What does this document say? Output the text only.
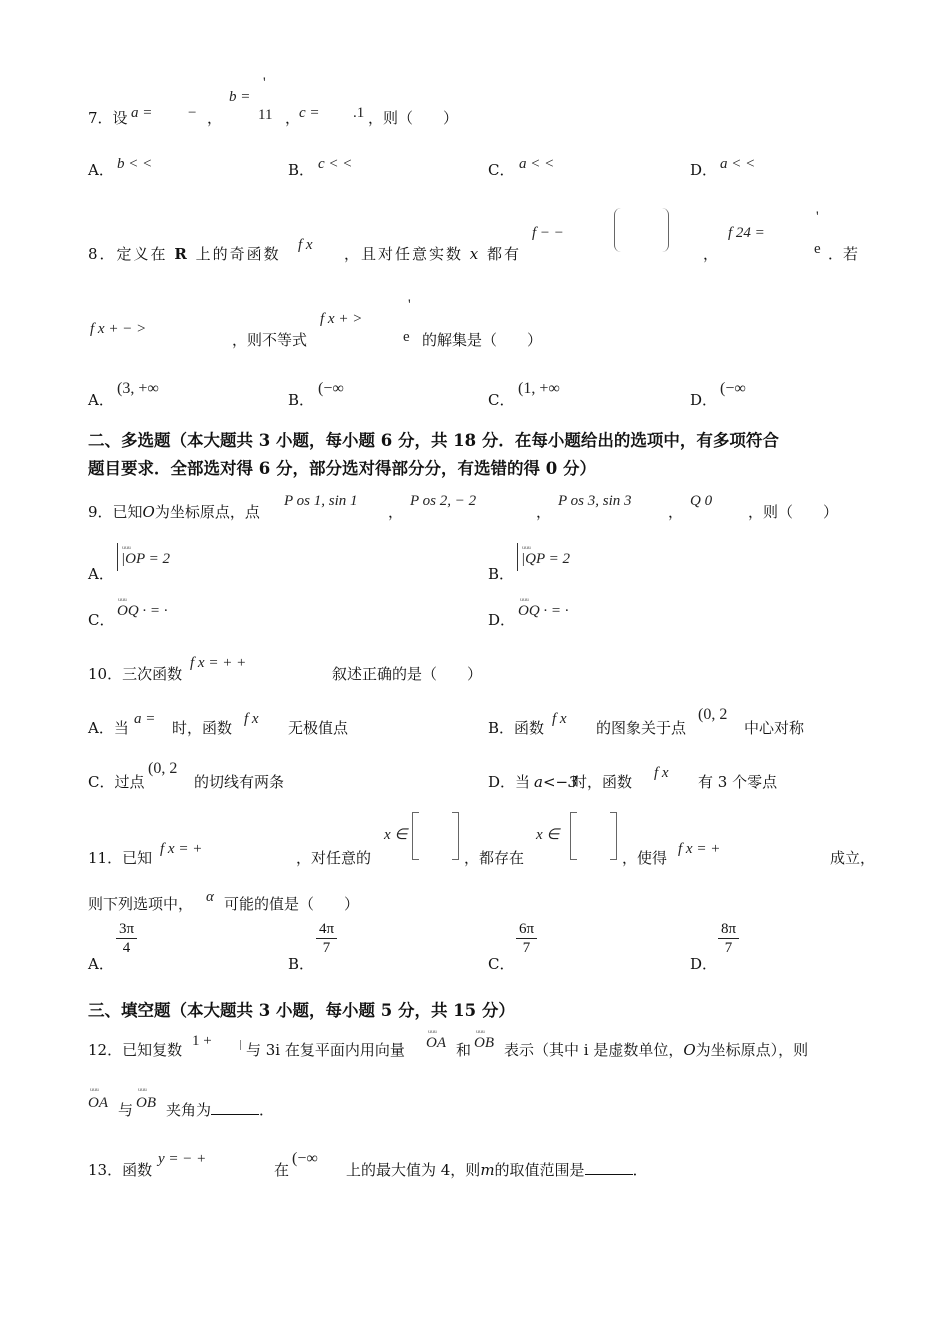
7．设 a = − ，
b =
'
11 ，
c = .1 ，则（　　）
A． b < <	B． c < <	C． a < <	D． a < <
8．定义在 R 上的奇函数 f x ，且对任意实数 x 都有
f − −
，
f 24 =
'
e ．若
f x + − >
，则不等式
f x + >
'
e 的解集是（　　）
A．
(3, +∞
B．
(−∞
C．
(1, +∞
D．
(−∞
二、多选题（本大题共 3 小题，每小题 6 分，共 18 分．在每小题给出的选项中，有多项符合
题目要求．全部选对得 6 分，部分选对得部分分，有选错的得 0 分）
9．已知O为坐标原点，点
P os 1, sin 1
，
P os 2, − 2
，
P os 3, sin 3
，
Q 0
，则（　　）
A．
ᵤᵤᵤ
|OP = 2
B．
ᵤᵤᵤ
|QP = 2
C．
ᵤᵤᵤ
OQ · = ·	D．
ᵤᵤᵤ
OQ · = ·
10．三次函数
f x = + +
叙述正确的是（　　）
A．当 a = 时，函数 f x 无极值点	B．函数 f x 的图象关于点
(0, 2
中心对称
C．过点
(0, 2
的切线有两条	D．当 a<−3
时，函数 f x 有 3 个零点
11．已知 f x = +	，对任意的
x ∈
，都存在
x ∈
，使得 f x = +	成立，
则下列选项中， α 可能的值是（　　）
A．
$\frac{3\pi}{4}$
B．
$\frac{4\pi}{7}$
C．
$\frac{6\pi}{7}$
D．
$\frac{8\pi}{7}$
三、填空题（本大题共 3 小题，每小题 5 分，共 15 分）
12．已知复数 1 + 与 3i 在复平面内用向量
ᵤᵤᵤ
OA 和
ᵤᵤᵤ
OB 表示（其中 i 是虚数单位，O为坐标原点），则
ᵤᵤᵤ
OA 与
ᵤᵤᵤ
OB 夹角为	．
13．函数
y = − +
在
(−∞
上的最大值为 4，则m的取值范围是	．
